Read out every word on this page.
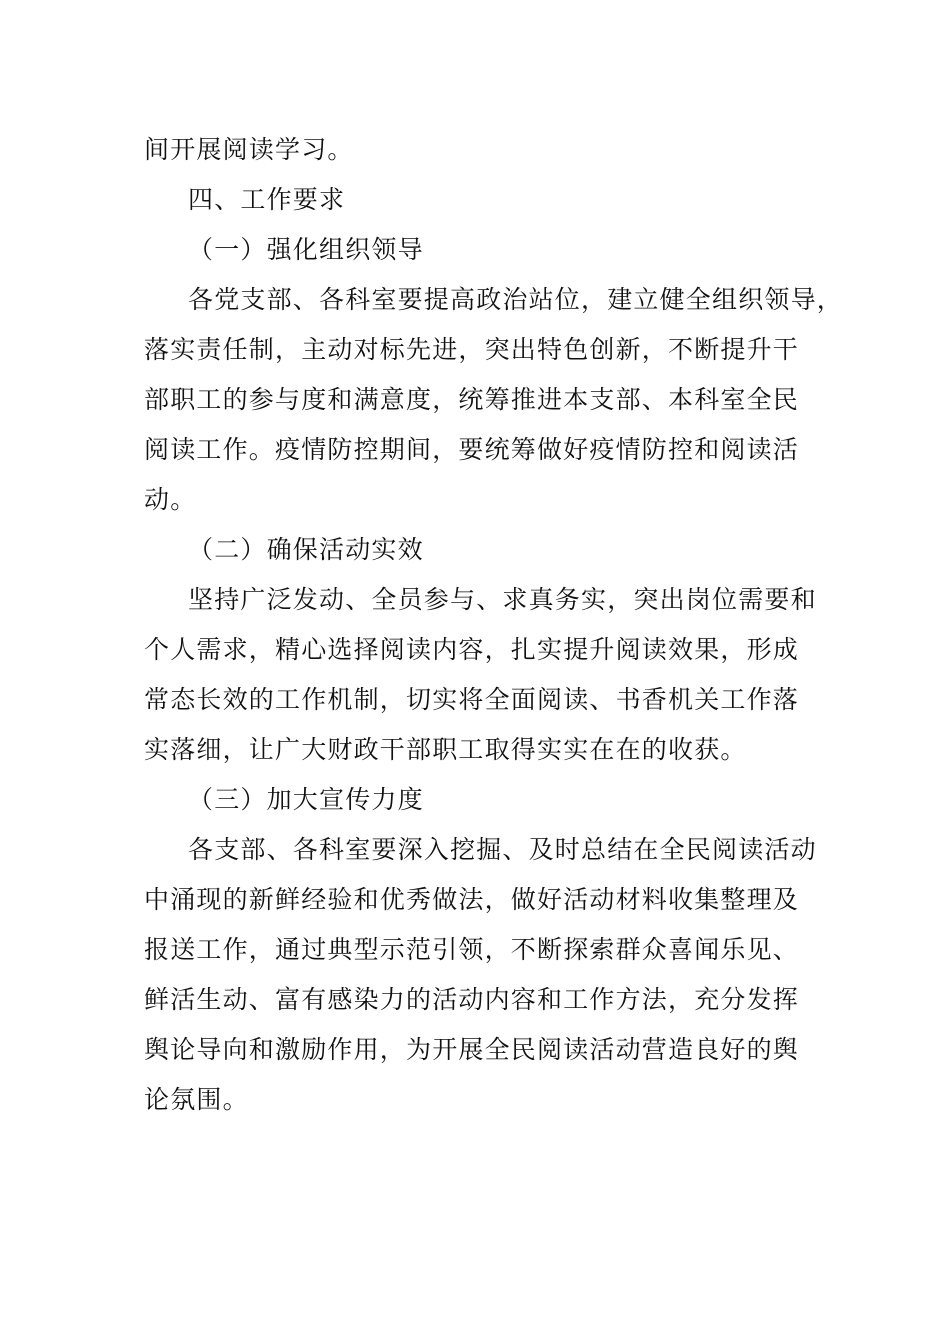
间开展阅读学习。
四、工作要求
（一）强化组织领导
各党支部、各科室要提高政治站位，建立健全组织领导，
落实责任制，主动对标先进，突出特色创新，不断提升干
部职工的参与度和满意度，统筹推进本支部、本科室全民
阅读工作。疫情防控期间，要统筹做好疫情防控和阅读活
动。
（二）确保活动实效
坚持广泛发动、全员参与、求真务实，突出岗位需要和
个人需求，精心选择阅读内容，扎实提升阅读效果，形成
常态长效的工作机制，切实将全面阅读、书香机关工作落
实落细，让广大财政干部职工取得实实在在的收获。
（三）加大宣传力度
各支部、各科室要深入挖掘、及时总结在全民阅读活动
中涌现的新鲜经验和优秀做法，做好活动材料收集整理及
报送工作，通过典型示范引领，不断探索群众喜闻乐见、
鲜活生动、富有感染力的活动内容和工作方法，充分发挥
舆论导向和激励作用，为开展全民阅读活动营造良好的舆
论氛围。
